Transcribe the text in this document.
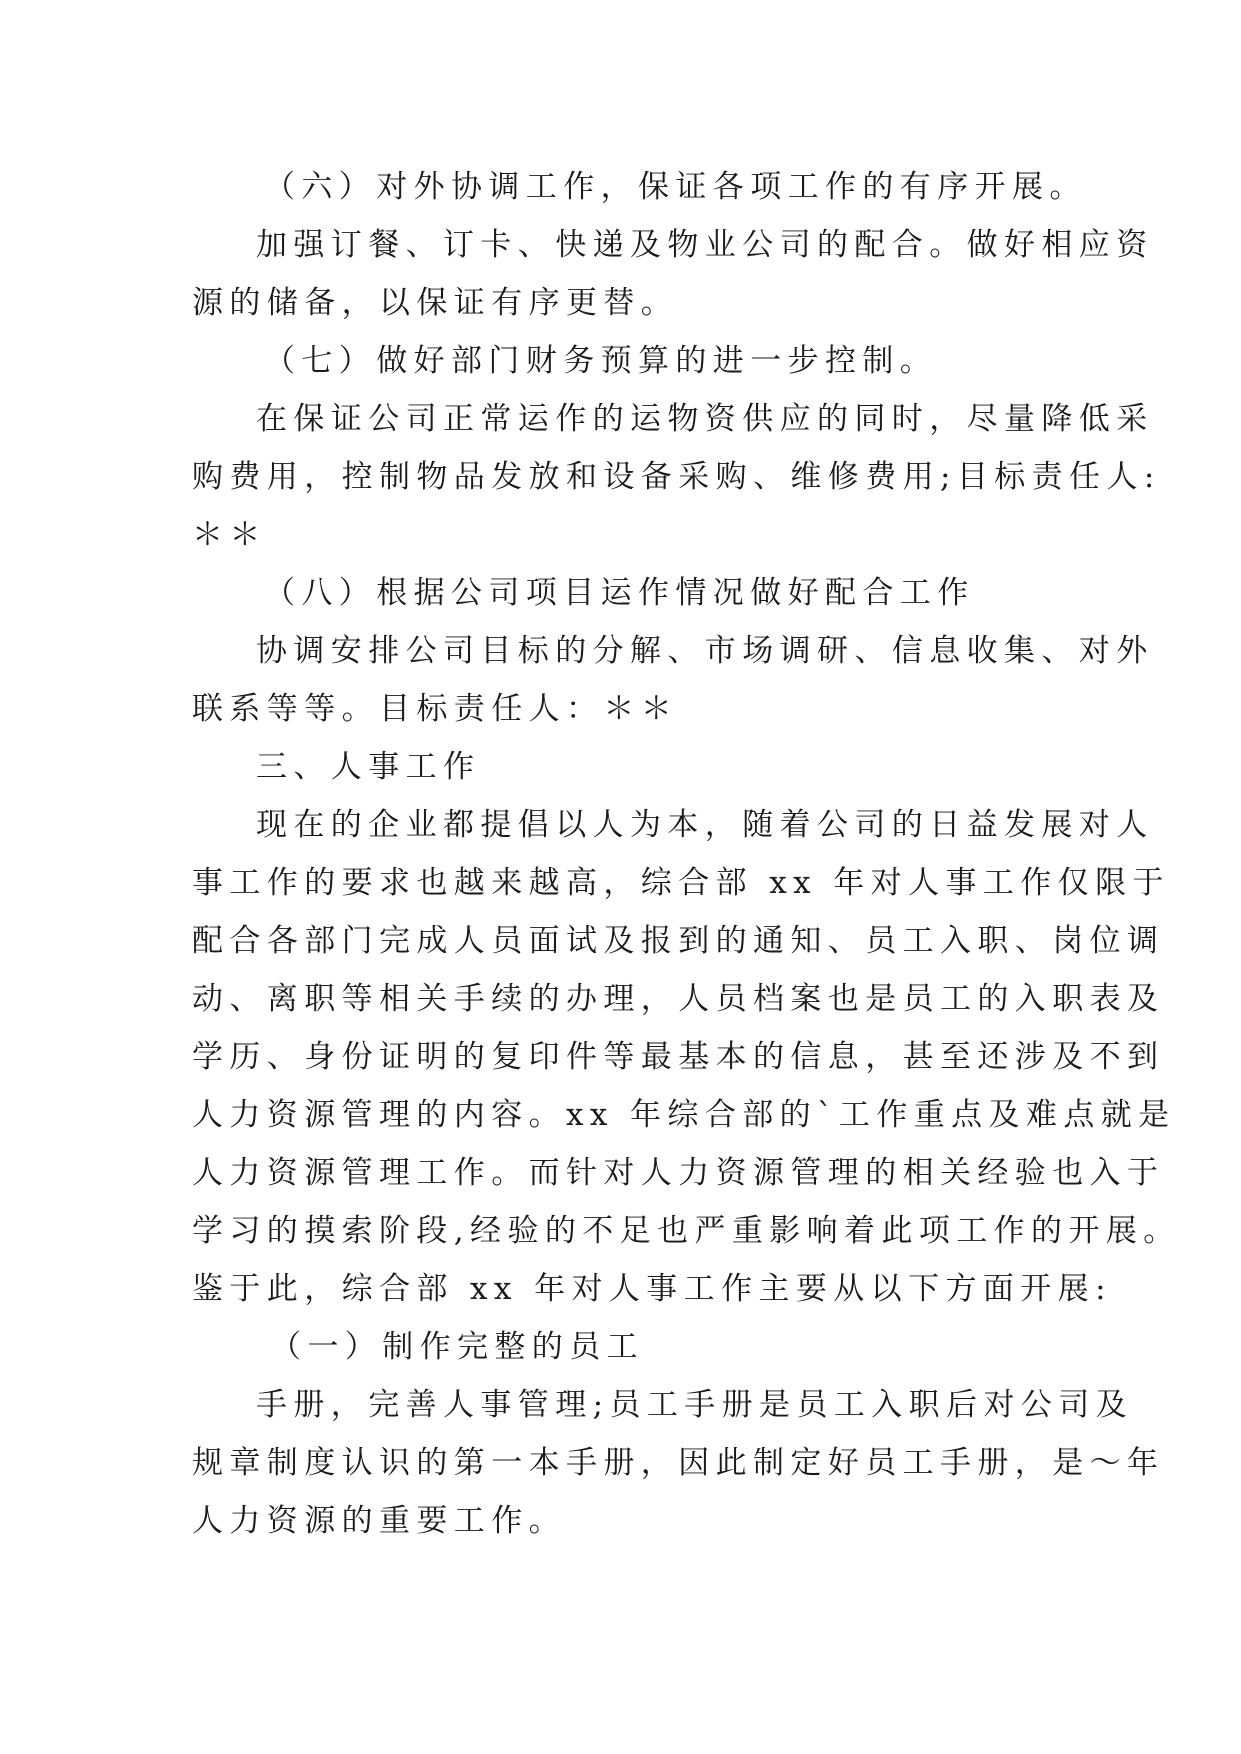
（六）对外协调工作，保证各项工作的有序开展。
加强订餐、订卡、快递及物业公司的配合。做好相应资
源的储备，以保证有序更替。
（七）做好部门财务预算的进一步控制。
在保证公司正常运作的运物资供应的同时，尽量降低采
购费用，控制物品发放和设备采购、维修费用;目标责任人:
＊＊
（八）根据公司项目运作情况做好配合工作
协调安排公司目标的分解、市场调研、信息收集、对外
联系等等。目标责任人：＊＊
三、人事工作
现在的企业都提倡以人为本，随着公司的日益发展对人
事工作的要求也越来越高，综合部 xx 年对人事工作仅限于
配合各部门完成人员面试及报到的通知、员工入职、岗位调
动、离职等相关手续的办理，人员档案也是员工的入职表及
学历、身份证明的复印件等最基本的信息，甚至还涉及不到
人力资源管理的内容。xx 年综合部的`工作重点及难点就是
人力资源管理工作。而针对人力资源管理的相关经验也入于
学习的摸索阶段,经验的不足也严重影响着此项工作的开展。
鉴于此，综合部 xx 年对人事工作主要从以下方面开展:
（一）制作完整的员工
手册，完善人事管理;员工手册是员工入职后对公司及
规章制度认识的第一本手册，因此制定好员工手册，是～年
人力资源的重要工作。
